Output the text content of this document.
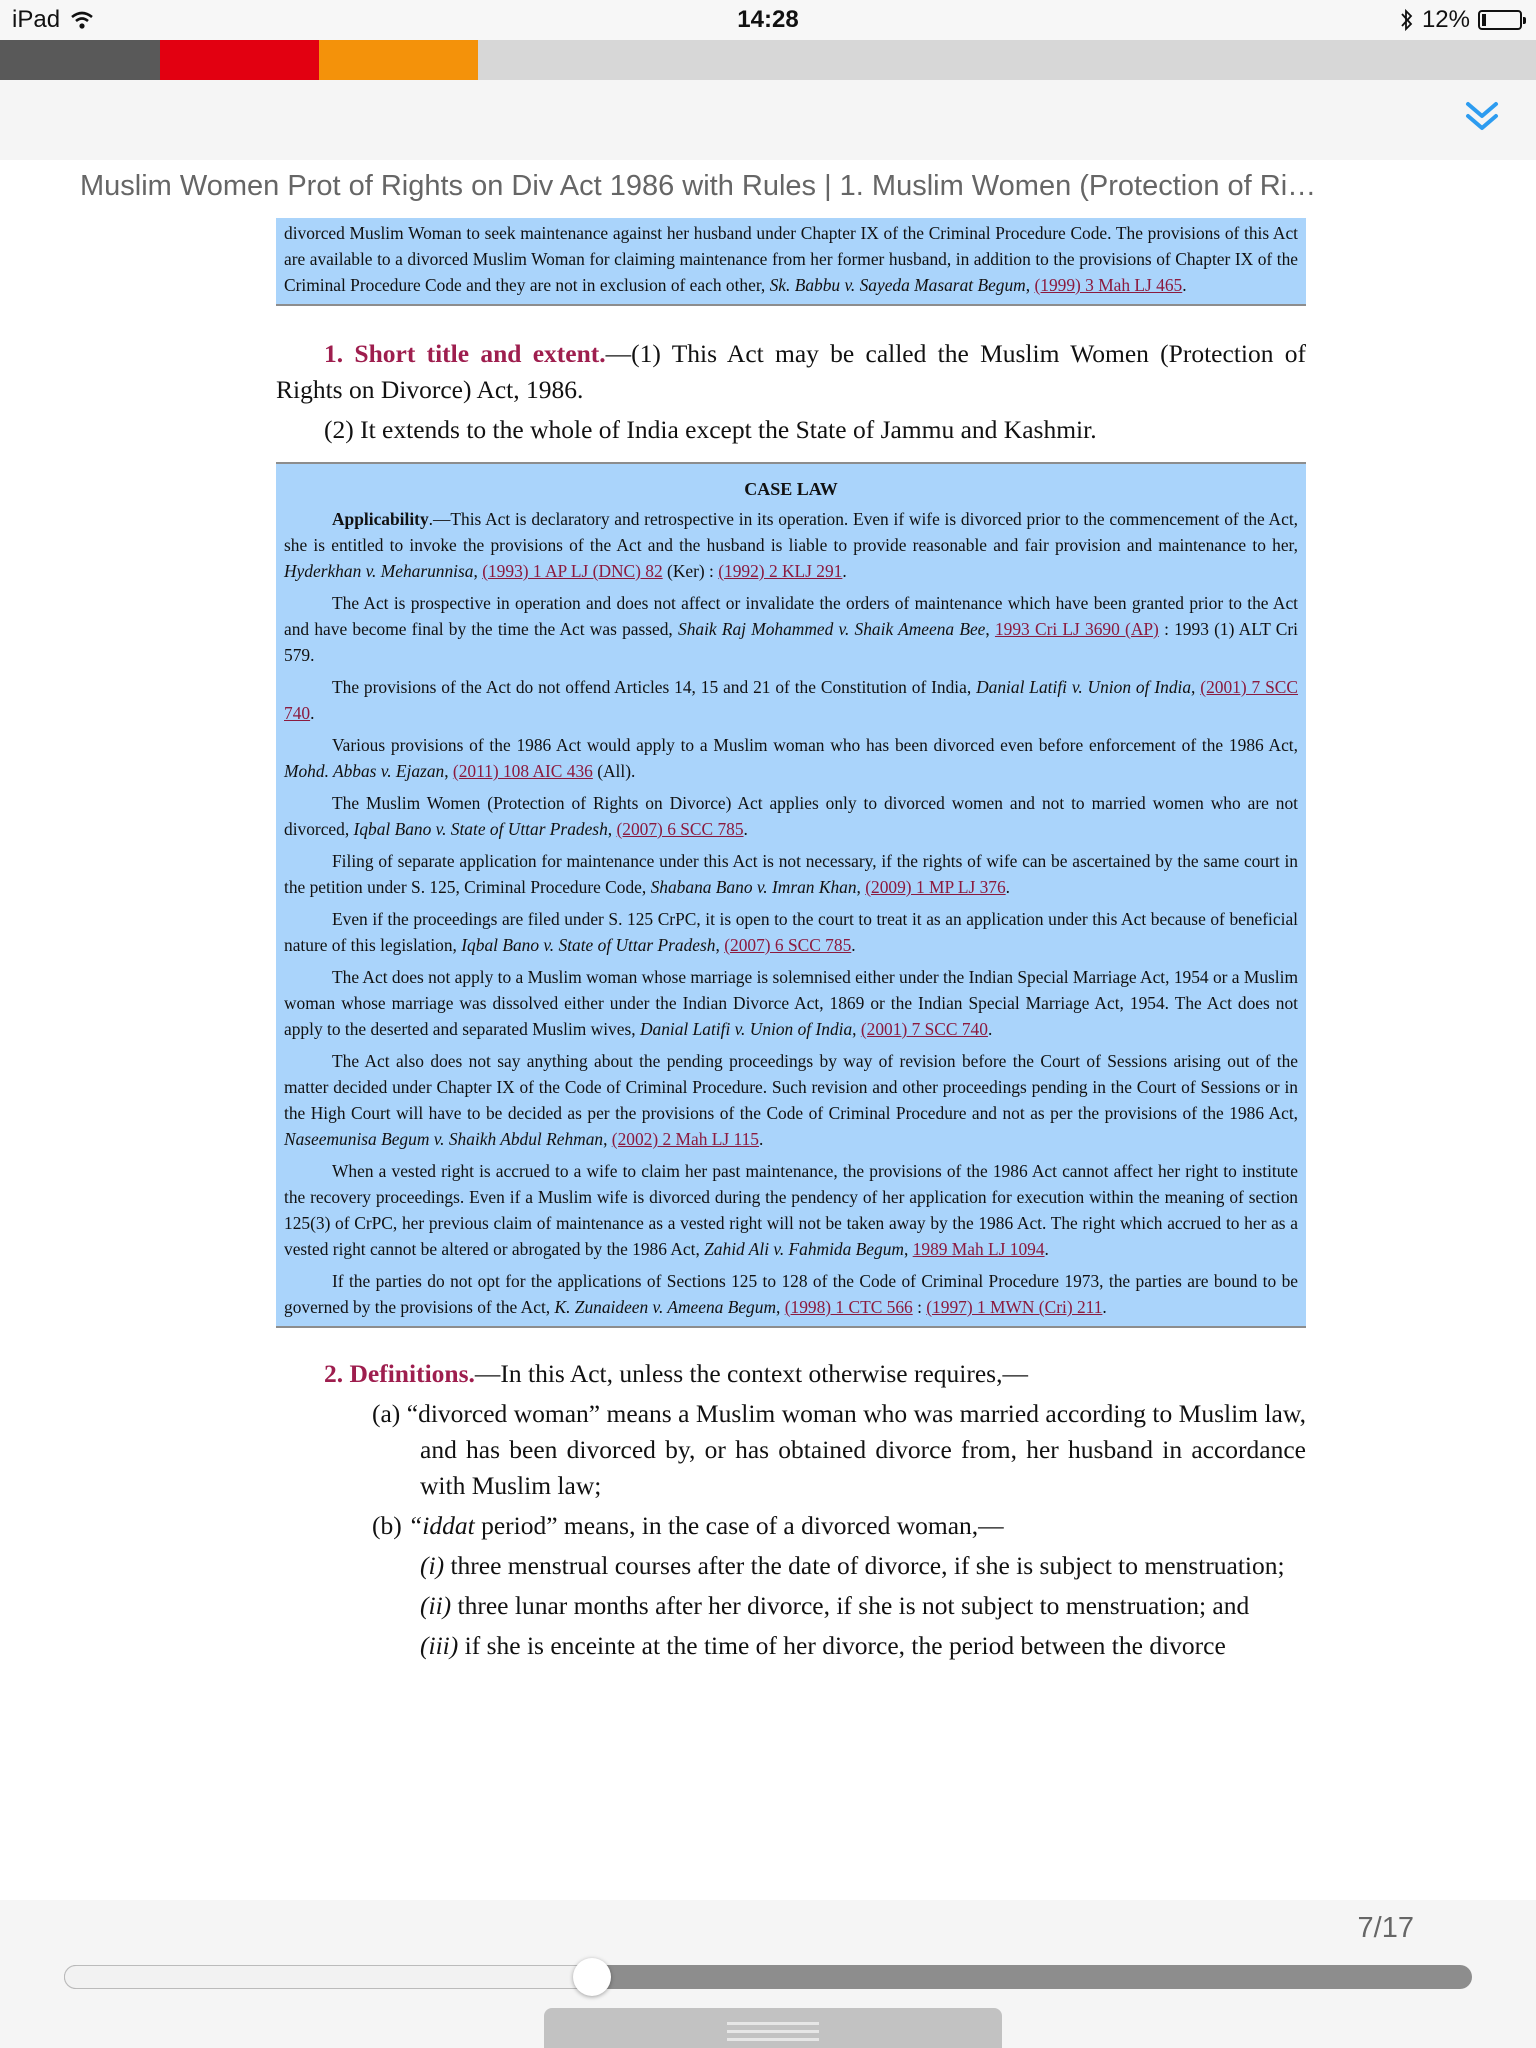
iPad	14:28	12%
Muslim Women Prot of Rights on Div Act 1986 with Rules | 1. Muslim Women (Protection of Ri…
divorced Muslim Woman to seek maintenance against her husband under Chapter IX of the Criminal Procedure Code. The provisions of this Act are available to a divorced Muslim Woman for claiming maintenance from her former husband, in addition to the provisions of Chapter IX of the Criminal Procedure Code and they are not in exclusion of each other, Sk. Babbu v. Sayeda Masarat Begum, (1999) 3 Mah LJ 465.

1. Short title and extent.—(1) This Act may be called the Muslim Women (Protection of Rights on Divorce) Act, 1986.

(2) It extends to the whole of India except the State of Jammu and Kashmir.

CASE LAW

Applicability.—This Act is declaratory and retrospective in its operation. Even if wife is divorced prior to the commencement of the Act, she is entitled to invoke the provisions of the Act and the husband is liable to provide reasonable and fair provision and maintenance to her, Hyderkhan v. Meharunnisa, (1993) 1 AP LJ (DNC) 82 (Ker) : (1992) 2 KLJ 291.

The Act is prospective in operation and does not affect or invalidate the orders of maintenance which have been granted prior to the Act and have become final by the time the Act was passed, Shaik Raj Mohammed v. Shaik Ameena Bee, 1993 Cri LJ 3690 (AP) : 1993 (1) ALT Cri 579.

The provisions of the Act do not offend Articles 14, 15 and 21 of the Constitution of India, Danial Latifi v. Union of India, (2001) 7 SCC 740.

Various provisions of the 1986 Act would apply to a Muslim woman who has been divorced even before enforcement of the 1986 Act, Mohd. Abbas v. Ejazan, (2011) 108 AIC 436 (All).

The Muslim Women (Protection of Rights on Divorce) Act applies only to divorced women and not to married women who are not divorced, Iqbal Bano v. State of Uttar Pradesh, (2007) 6 SCC 785.

Filing of separate application for maintenance under this Act is not necessary, if the rights of wife can be ascertained by the same court in the petition under S. 125, Criminal Procedure Code, Shabana Bano v. Imran Khan, (2009) 1 MP LJ 376.

Even if the proceedings are filed under S. 125 CrPC, it is open to the court to treat it as an application under this Act because of beneficial nature of this legislation, Iqbal Bano v. State of Uttar Pradesh, (2007) 6 SCC 785.

The Act does not apply to a Muslim woman whose marriage is solemnised either under the Indian Special Marriage Act, 1954 or a Muslim woman whose marriage was dissolved either under the Indian Divorce Act, 1869 or the Indian Special Marriage Act, 1954. The Act does not apply to the deserted and separated Muslim wives, Danial Latifi v. Union of India, (2001) 7 SCC 740.

The Act also does not say anything about the pending proceedings by way of revision before the Court of Sessions arising out of the matter decided under Chapter IX of the Code of Criminal Procedure. Such revision and other proceedings pending in the Court of Sessions or in the High Court will have to be decided as per the provisions of the Code of Criminal Procedure and not as per the provisions of the 1986 Act, Naseemunisa Begum v. Shaikh Abdul Rehman, (2002) 2 Mah LJ 115.

When a vested right is accrued to a wife to claim her past maintenance, the provisions of the 1986 Act cannot affect her right to institute the recovery proceedings. Even if a Muslim wife is divorced during the pendency of her application for execution within the meaning of section 125(3) of CrPC, her previous claim of maintenance as a vested right will not be taken away by the 1986 Act. The right which accrued to her as a vested right cannot be altered or abrogated by the 1986 Act, Zahid Ali v. Fahmida Begum, 1989 Mah LJ 1094.

If the parties do not opt for the applications of Sections 125 to 128 of the Code of Criminal Procedure 1973, the parties are bound to be governed by the provisions of the Act, K. Zunaideen v. Ameena Begum, (1998) 1 CTC 566 : (1997) 1 MWN (Cri) 211.

2. Definitions.—In this Act, unless the context otherwise requires,—

(a) “divorced woman” means a Muslim woman who was married according to Muslim law, and has been divorced by, or has obtained divorce from, her husband in accordance with Muslim law;

(b) “iddat period” means, in the case of a divorced woman,—

(i) three menstrual courses after the date of divorce, if she is subject to menstruation;

(ii) three lunar months after her divorce, if she is not subject to menstruation; and

(iii) if she is enceinte at the time of her divorce, the period between the divorce

7/17
